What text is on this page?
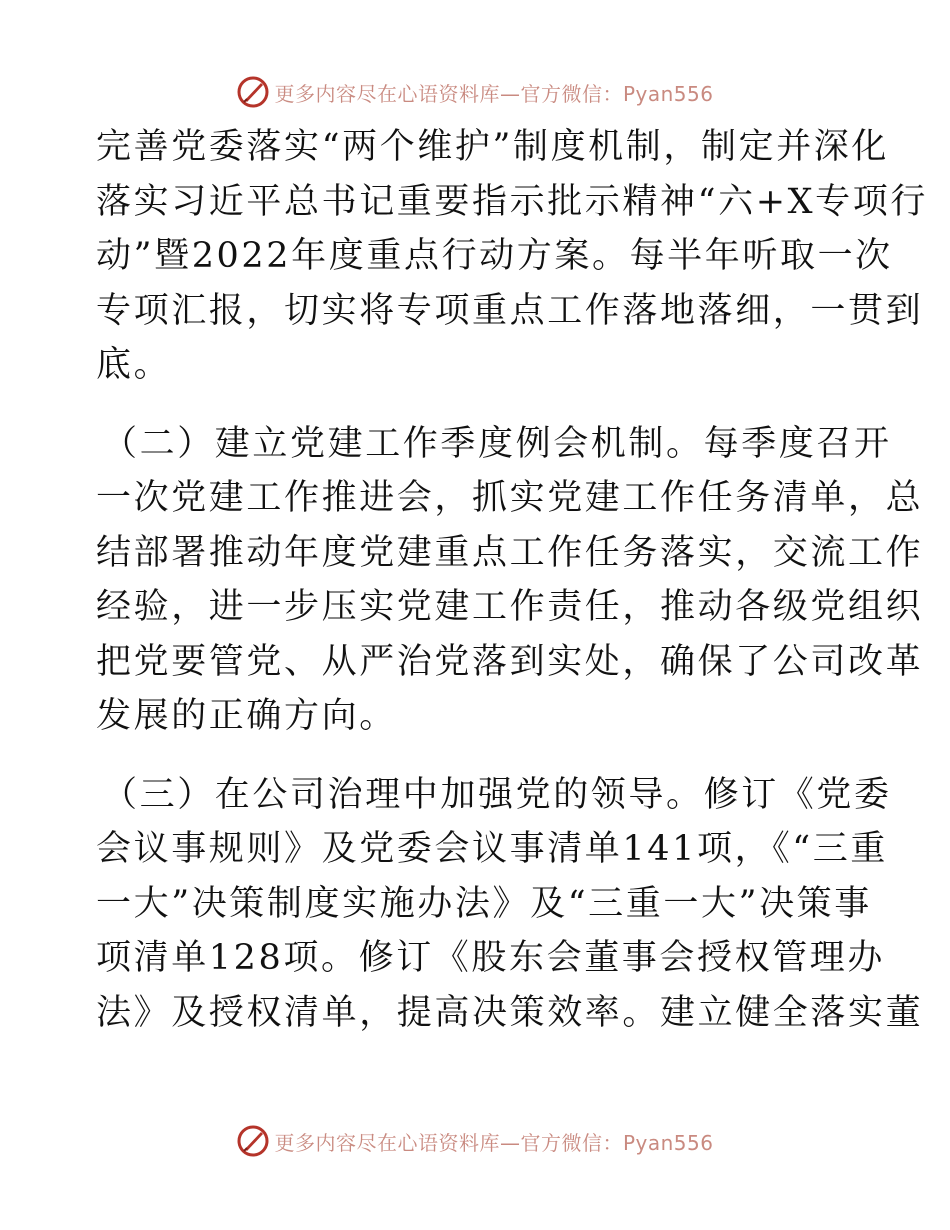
更多内容尽在心语资料库—官方微信：Pyan556

完善党委落实“两个维护”制度机制，制定并深化
落实习近平总书记重要指示批示精神“六+X专项行
动”暨2022年度重点行动方案。每半年听取一次
专项汇报，切实将专项重点工作落地落细，一贯到
底。

（二）建立党建工作季度例会机制。每季度召开
一次党建工作推进会，抓实党建工作任务清单，总
结部署推动年度党建重点工作任务落实，交流工作
经验，进一步压实党建工作责任，推动各级党组织
把党要管党、从严治党落到实处，确保了公司改革
发展的正确方向。

（三）在公司治理中加强党的领导。修订《党委
会议事规则》及党委会议事清单141项，《“三重
一大”决策制度实施办法》及“三重一大”决策事
项清单128项。修订《股东会董事会授权管理办
法》及授权清单，提高决策效率。建立健全落实董

更多内容尽在心语资料库—官方微信：Pyan556
